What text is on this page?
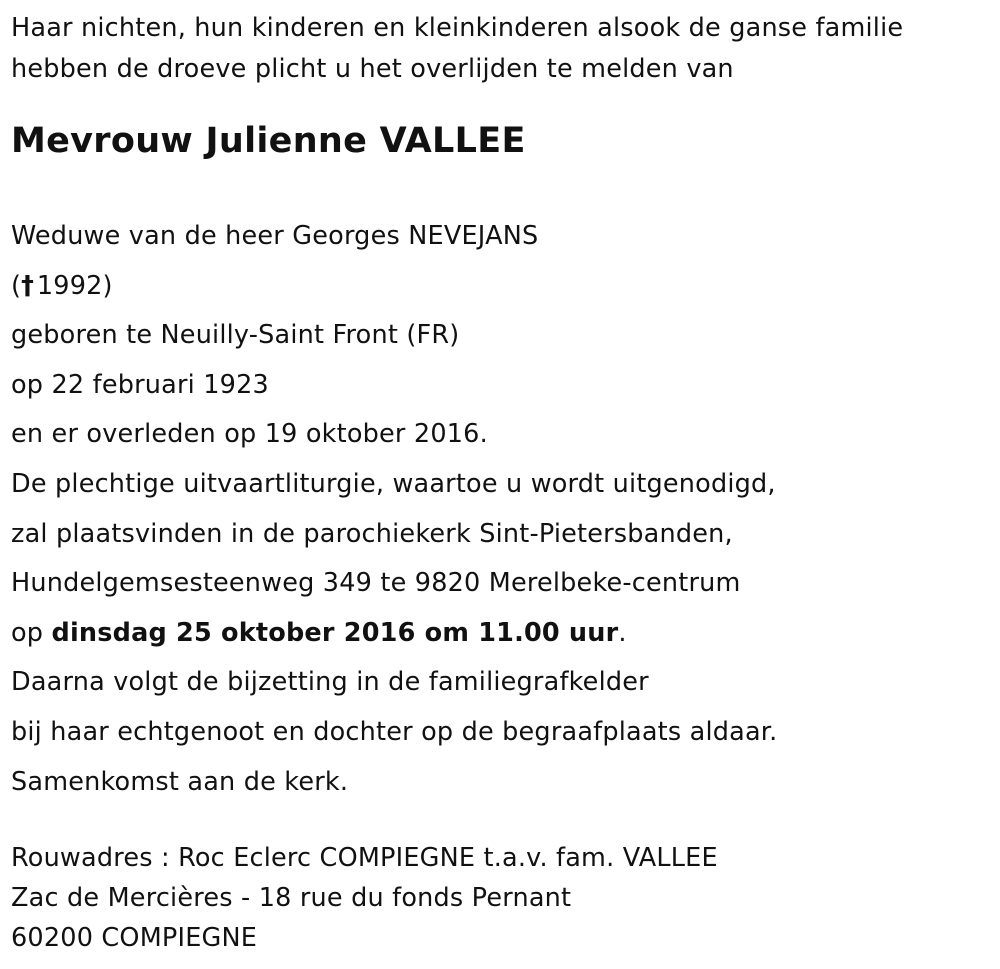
Haar nichten, hun kinderen en kleinkinderen alsook de ganse familie
hebben de droeve plicht u het overlijden te melden van
Mevrouw Julienne VALLEE
Weduwe van de heer Georges NEVEJANS
(†  1992)
geboren te Neuilly-Saint Front (FR)
op 22 februari 1923
en er overleden op 19 oktober 2016.
De plechtige uitvaartliturgie, waartoe u wordt uitgenodigd,
zal plaatsvinden in de parochiekerk Sint-Pietersbanden,
Hundelgemsesteenweg 349 te 9820 Merelbeke-centrum
op dinsdag 25 oktober 2016 om 11.00 uur.
Daarna volgt de bijzetting in de familiegrafkelder
bij haar echtgenoot en dochter op de begraafplaats aldaar.
Samenkomst aan de kerk.
Rouwadres : Roc Eclerc COMPIEGNE t.a.v. fam. VALLEE
Zac de Mercières - 18 rue du fonds Pernant
60200 COMPIEGNE
